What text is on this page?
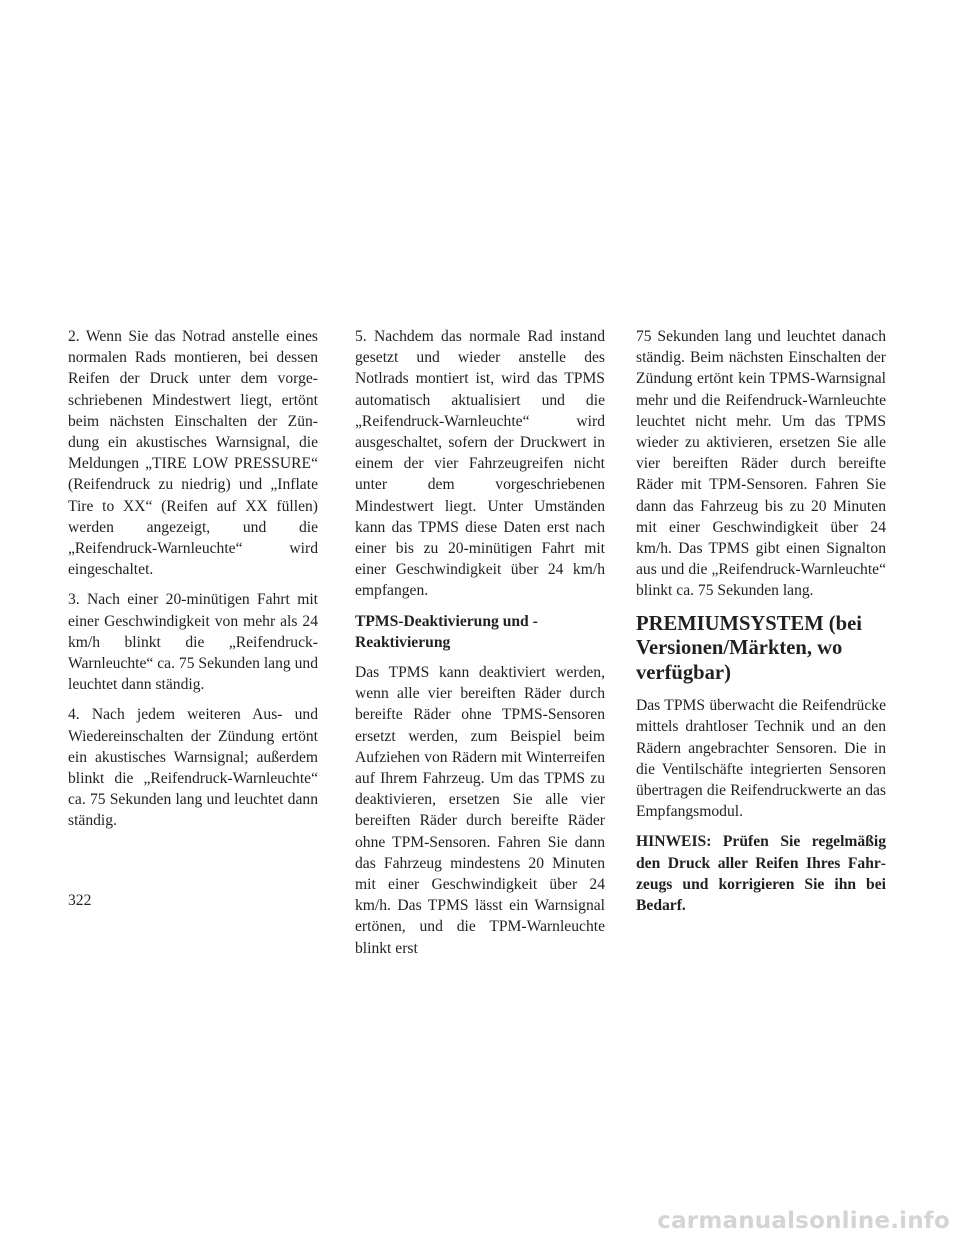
2. Wenn Sie das Notrad anstelle eines normalen Rads montieren, bei dessen Reifen der Druck unter dem vorgeschriebenen Mindestwert liegt, ertönt beim nächsten Einschalten der Zündung ein akustisches Warnsignal, die Meldungen „TIRE LOW PRESSURE“ (Reifendruck zu niedrig) und „Inflate Tire to XX“ (Reifen auf XX füllen) werden angezeigt, und die „Reifendruck-Warnleuchte“ wird eingeschaltet.

3. Nach einer 20-minütigen Fahrt mit einer Geschwindigkeit von mehr als 24 km/h blinkt die „Reifendruck-Warnleuchte“ ca. 75 Sekunden lang und leuchtet dann ständig.

4. Nach jedem weiteren Aus- und Wiedereinschalten der Zündung ertönt ein akustisches Warnsignal; außerdem blinkt die „Reifendruck-Warnleuchte“ ca. 75 Sekunden lang und leuchtet dann ständig.

5. Nachdem das normale Rad instand gesetzt und wieder anstelle des Notlrads montiert ist, wird das TPMS automatisch aktualisiert und die „Reifendruck-Warnleuchte“ wird ausgeschaltet, sofern der Druckwert in einem der vier Fahrzeugreifen nicht unter dem vorgeschriebenen Mindestwert liegt. Unter Umständen kann das TPMS diese Daten erst nach einer bis zu 20-minütigen Fahrt mit einer Geschwindigkeit über 24 km/h empfangen.

TPMS-Deaktivierung und -Reaktivierung

Das TPMS kann deaktiviert werden, wenn alle vier bereiften Räder durch bereifte Räder ohne TPMS-Sensoren ersetzt werden, zum Beispiel beim Aufziehen von Rädern mit Winterreifen auf Ihrem Fahrzeug. Um das TPMS zu deaktivieren, ersetzen Sie alle vier bereiften Räder durch bereifte Räder ohne TPM-Sensoren. Fahren Sie dann das Fahrzeug mindestens 20 Minuten mit einer Geschwindigkeit über 24 km/h. Das TPMS lässt ein Warnsignal ertönen, und die TPM-Warnleuchte blinkt erst

75 Sekunden lang und leuchtet danach ständig. Beim nächsten Einschalten der Zündung ertönt kein TPMS-Warnsignal mehr und die Reifendruck-Warnleuchte leuchtet nicht mehr. Um das TPMS wieder zu aktivieren, ersetzen Sie alle vier bereiften Räder durch bereifte Räder mit TPM-Sensoren. Fahren Sie dann das Fahrzeug bis zu 20 Minuten mit einer Geschwindigkeit über 24 km/h. Das TPMS gibt einen Signalton aus und die „Reifendruck-Warnleuchte“ blinkt ca. 75 Sekunden lang.

PREMIUMSYSTEM (bei Versionen/Märkten, wo verfügbar)

Das TPMS überwacht die Reifendrücke mittels drahtloser Technik und an den Rädern angebrachter Sensoren. Die in die Ventilschäfte integrierten Sensoren übertragen die Reifendruckwerte an das Empfangsmodul.

HINWEIS: Prüfen Sie regelmäßig den Druck aller Reifen Ihres Fahrzeugs und korrigieren Sie ihn bei Bedarf.

322
carmanualsonline.info
